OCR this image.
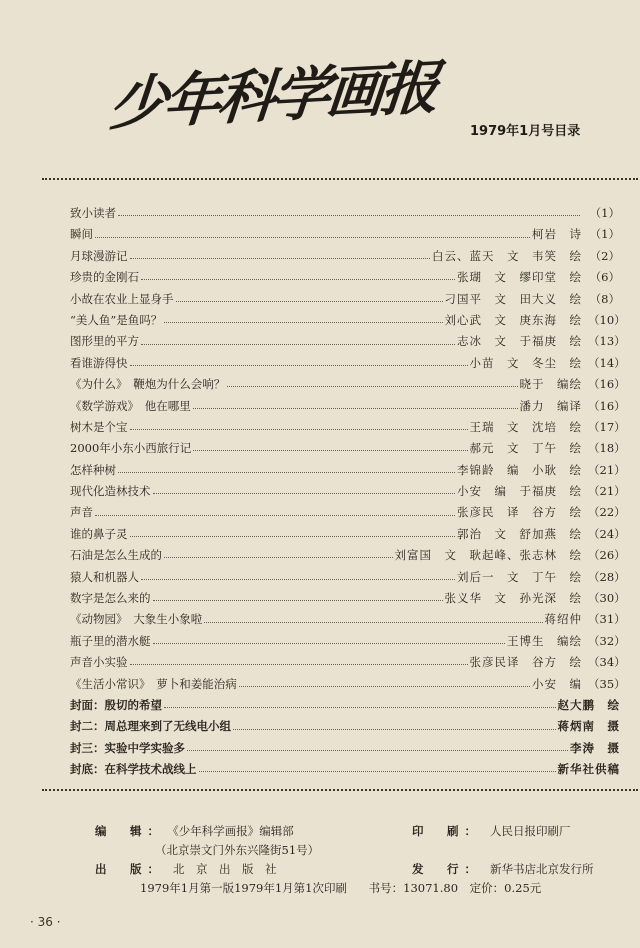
少年科学画报 1979年1月号目录
致小读者	（1）
瞬间	柯岩　诗 （1）
月球漫游记	白云、蓝天　文　韦笑　绘 （2）
珍贵的金刚石	张瑚　文　缪印堂　绘 （6）
小故在农业上显身手	刁国平　文　田大义　绘 （8）
“美人鱼”是鱼吗？	刘心武　文　庚东海　绘 （10）
图形里的平方	志冰　文　于福庚　绘 （13）
看谁游得快	小苗　文　冬尘　绘 （14）
《为什么》　鞭炮为什么会响？	晓于　编绘 （16）
《数学游戏》　他在哪里	潘力　编译 （16）
树木是个宝	王瑞　文　沈培　绘 （17）
2000年小东小西旅行记	郝元　文　丁午　绘 （18）
怎样种树	李锦龄　编　小耿　绘 （21）
现代化造林技术	小安　编　于福庚　绘 （21）
声音	张彦民　译　谷方　绘 （22）
谁的鼻子灵	郭治　文　舒加燕　绘 （24）
石油是怎么生成的	刘富国　文　耿起峰、张志林　绘 （26）
猿人和机器人	刘后一　文　丁午　绘 （28）
数字是怎么来的	张义华　文　孙光深　绘 （30）
《动物园》　大象生小象啦	蒋绍仲 （31）
瓶子里的潜水艇	王博生　编绘 （32）
声音小实验	张彦民译　谷方　绘 （34）
《生活小常识》　萝卜和姜能治病	小安　编 （35）
封面：殷切的希望	赵大鹏　绘
封二：周总理来到了无线电小组	蒋炳南　摄
封三：实验中学实验多	李涛　摄
封底：在科学技术战线上	新华社供稿
编　辑： 《少年科学画报》编辑部
（北京崇文门外东兴隆街51号）
印　刷： 人民日报印刷厂
出　版： 北　京　出　版　社	发　行： 新华书店北京发行所
1979年1月第一版1979年1月第1次印刷 书号：13071.80 定价：0.25元
· 36 ·
